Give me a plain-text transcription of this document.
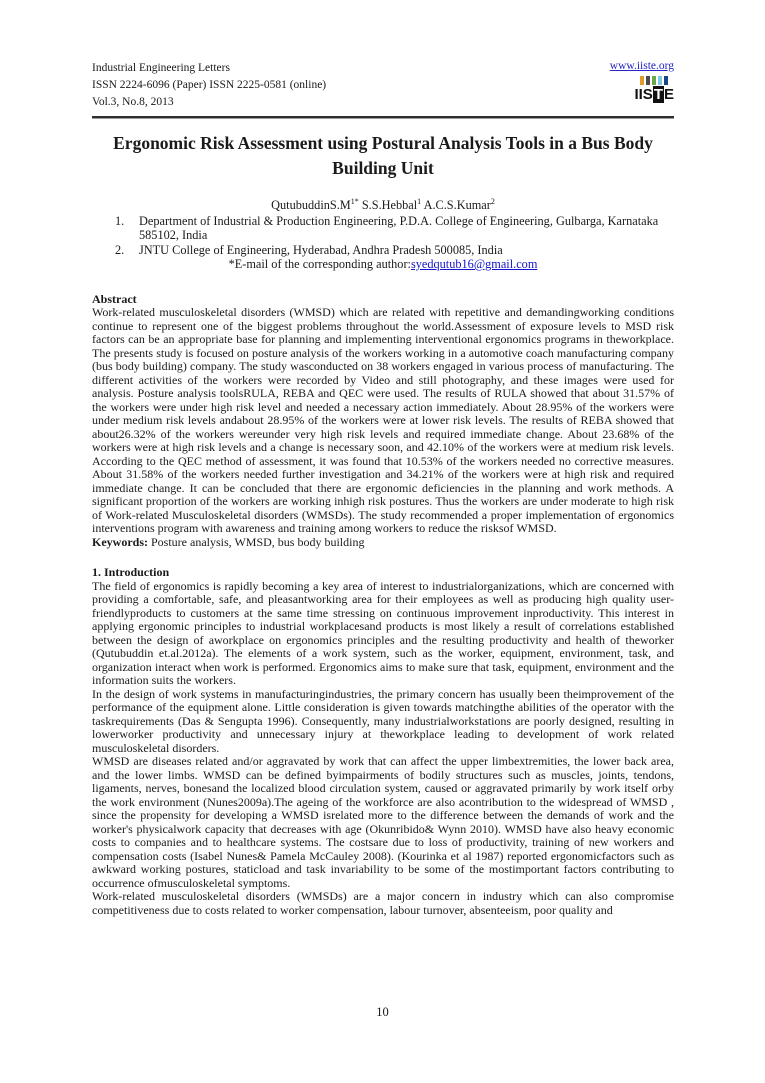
Industrial Engineering Letters
ISSN 2224-6096 (Paper) ISSN 2225-0581 (online)
Vol.3, No.8, 2013
www.iiste.org
IISTE
Ergonomic Risk Assessment using Postural Analysis Tools in a Bus Body Building Unit
$QutubuddinS.M^{1*}$ S.S.Hebbal$^1$ A.C.S.Kumar$^2$
1. Department of Industrial & Production Engineering, P.D.A. College of Engineering, Gulbarga, Karnataka 585102, India
2. JNTU College of Engineering, Hyderabad, Andhra Pradesh 500085, India
*E-mail of the corresponding author:syedqutub16@gmail.com
Abstract

Work-related musculoskeletal disorders (WMSD) which are related with repetitive and demandingworking conditions continue to represent one of the biggest problems throughout the world.Assessment of exposure levels to MSD risk factors can be an appropriate base for planning and implementing interventional ergonomics programs in theworkplace. The presents study is focused on posture analysis of the workers working in a automotive coach manufacturing company (bus body building) company. The study wasconducted on 38 workers engaged in various process of manufacturing. The different activities of the workers were recorded by Video and still photography, and these images were used for analysis. Posture analysis toolsRULA, REBA and QEC were used. The results of RULA showed that about 31.57% of the workers were under high risk level and needed a necessary action immediately. About 28.95% of the workers were under medium risk levels andabout 28.95% of the workers were at lower risk levels. The results of REBA showed that about26.32% of the workers wereunder very high risk levels and required immediate change. About 23.68% of the workers were at high risk levels and a change is necessary soon, and 42.10% of the workers were at medium risk levels. According to the QEC method of assessment, it was found that 10.53% of the workers needed no corrective measures. About 31.58% of the workers needed further investigation and 34.21% of the workers were at high risk and required immediate change. It can be concluded that there are ergonomic deficiencies in the planning and work methods. A significant proportion of the workers are working inhigh risk postures. Thus the workers are under moderate to high risk of Work-related Musculoskeletal disorders (WMSDs). The study recommended a proper implementation of ergonomics interventions program with awareness and training among workers to reduce the risksof WMSD.

Keywords: Posture analysis, WMSD, bus body building

1. Introduction

The field of ergonomics is rapidly becoming a key area of interest to industrialorganizations, which are concerned with providing a comfortable, safe, and pleasantworking area for their employees as well as producing high quality user-friendlyproducts to customers at the same time stressing on continuous improvement inproductivity. This interest in applying ergonomic principles to industrial workplacesand products is most likely a result of correlations established between the design of aworkplace on ergonomics principles and the resulting productivity and health of theworker (Qutubuddin et.al.2012a). The elements of a work system, such as the worker, equipment, environment, task, and organization interact when work is performed. Ergonomics aims to make sure that task, equipment, environment and the information suits the workers.

In the design of work systems in manufacturingindustries, the primary concern has usually been theimprovement of the performance of the equipment alone. Little consideration is given towards matchingthe abilities of the operator with the taskrequirements (Das & Sengupta 1996). Consequently, many industrialworkstations are poorly designed, resulting in lowerworker productivity and unnecessary injury at theworkplace leading to development of work related musculoskeletal disorders.

WMSD are diseases related and/or aggravated by work that can affect the upper limbextremities, the lower back area, and the lower limbs. WMSD can be defined byimpairments of bodily structures such as muscles, joints, tendons, ligaments, nerves, bonesand the localized blood circulation system, caused or aggravated primarily by work itself orby the work environment (Nunes2009a).The ageing of the workforce are also acontribution to the widespread of WMSD , since the propensity for developing a WMSD isrelated more to the difference between the demands of work and the worker's physicalwork capacity that decreases with age (Okunribido& Wynn 2010). WMSD have also heavy economic costs to companies and to healthcare systems. The costsare due to loss of productivity, training of new workers and compensation costs (Isabel Nunes& Pamela McCauley 2008). (Kourinka et al 1987) reported ergonomicfactors such as awkward working postures, staticload and task invariability to be some of the mostimportant factors contributing to occurrence ofmusculoskeletal symptoms.

Work-related musculoskeletal disorders (WMSDs) are a major concern in industry which can also compromise competitiveness due to costs related to worker compensation, labour turnover, absenteeism, poor quality and

10
